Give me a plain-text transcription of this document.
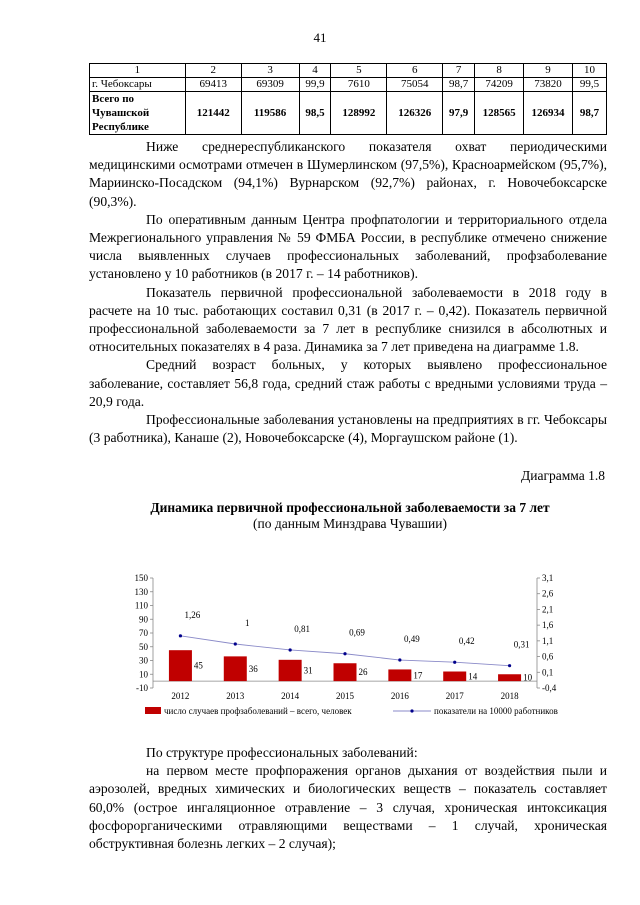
41
1	2	3	4	5	6	7	8	9	10
г. Чебоксары	69413	69309	99,9	7610	75054	98,7	74209	73820	99,5
Всего по Чувашской Республике	121442	119586	98,5	128992	126326	97,9	128565	126934	98,7

Ниже среднереспубликанского показателя охват периодическими медицинскими осмотрами отмечен в Шумерлинском (97,5%), Красноармейском (95,7%), Мариинско-Посадском (94,1%) Вурнарском (92,7%) районах, г. Новочебоксарске (90,3%).

По оперативным данным Центра профпатологии и территориального отдела Межрегионального управления № 59 ФМБА России, в республике отмечено снижение числа выявленных случаев профессиональных заболеваний, профзаболевание установлено у 10 работников (в 2017 г. – 14 работников).

Показатель первичной профессиональной заболеваемости в 2018 году в расчете на 10 тыс. работающих составил 0,31 (в 2017 г. – 0,42). Показатель первичной профессиональной заболеваемости за 7 лет в республике снизился в абсолютных и относительных показателях в 4 раза. Динамика за 7 лет приведена на диаграмме 1.8.

Средний возраст больных, у которых выявлено профессиональное заболевание, составляет 56,8 года, средний стаж работы с вредными условиями труда – 20,9 года.

Профессиональные заболевания установлены на предприятиях в гг. Чебоксары (3 работника), Канаше (2), Новочебоксарске (4), Моргаушском районе (1).

Диаграмма 1.8
Динамика первичной профессиональной заболеваемости за 7 лет
(по данным Минздрава Чувашии)
-10
10
30
50
70
90
110
130
150
-0,4
0,1
0,6
1,1
1,6
2,1
2,6
3,1
45	36	31	26	17	14	10
2012	2013	2014	2015	2016	2017	2018
1,26
1
0,81	0,69
0,49	0,42	0,31
число случаев профзаболеваний – всего, человек	показатели на 10000 работников

По структуре профессиональных заболеваний:

на первом месте профпоражения органов дыхания от воздействия пыли и аэрозолей, вредных химических и биологических веществ – показатель составляет 60,0% (острое ингаляционное отравление – 3 случая, хроническая интоксикация фосфорорганическими отравляющими веществами – 1 случай, хроническая обструктивная болезнь легких – 2 случая);
